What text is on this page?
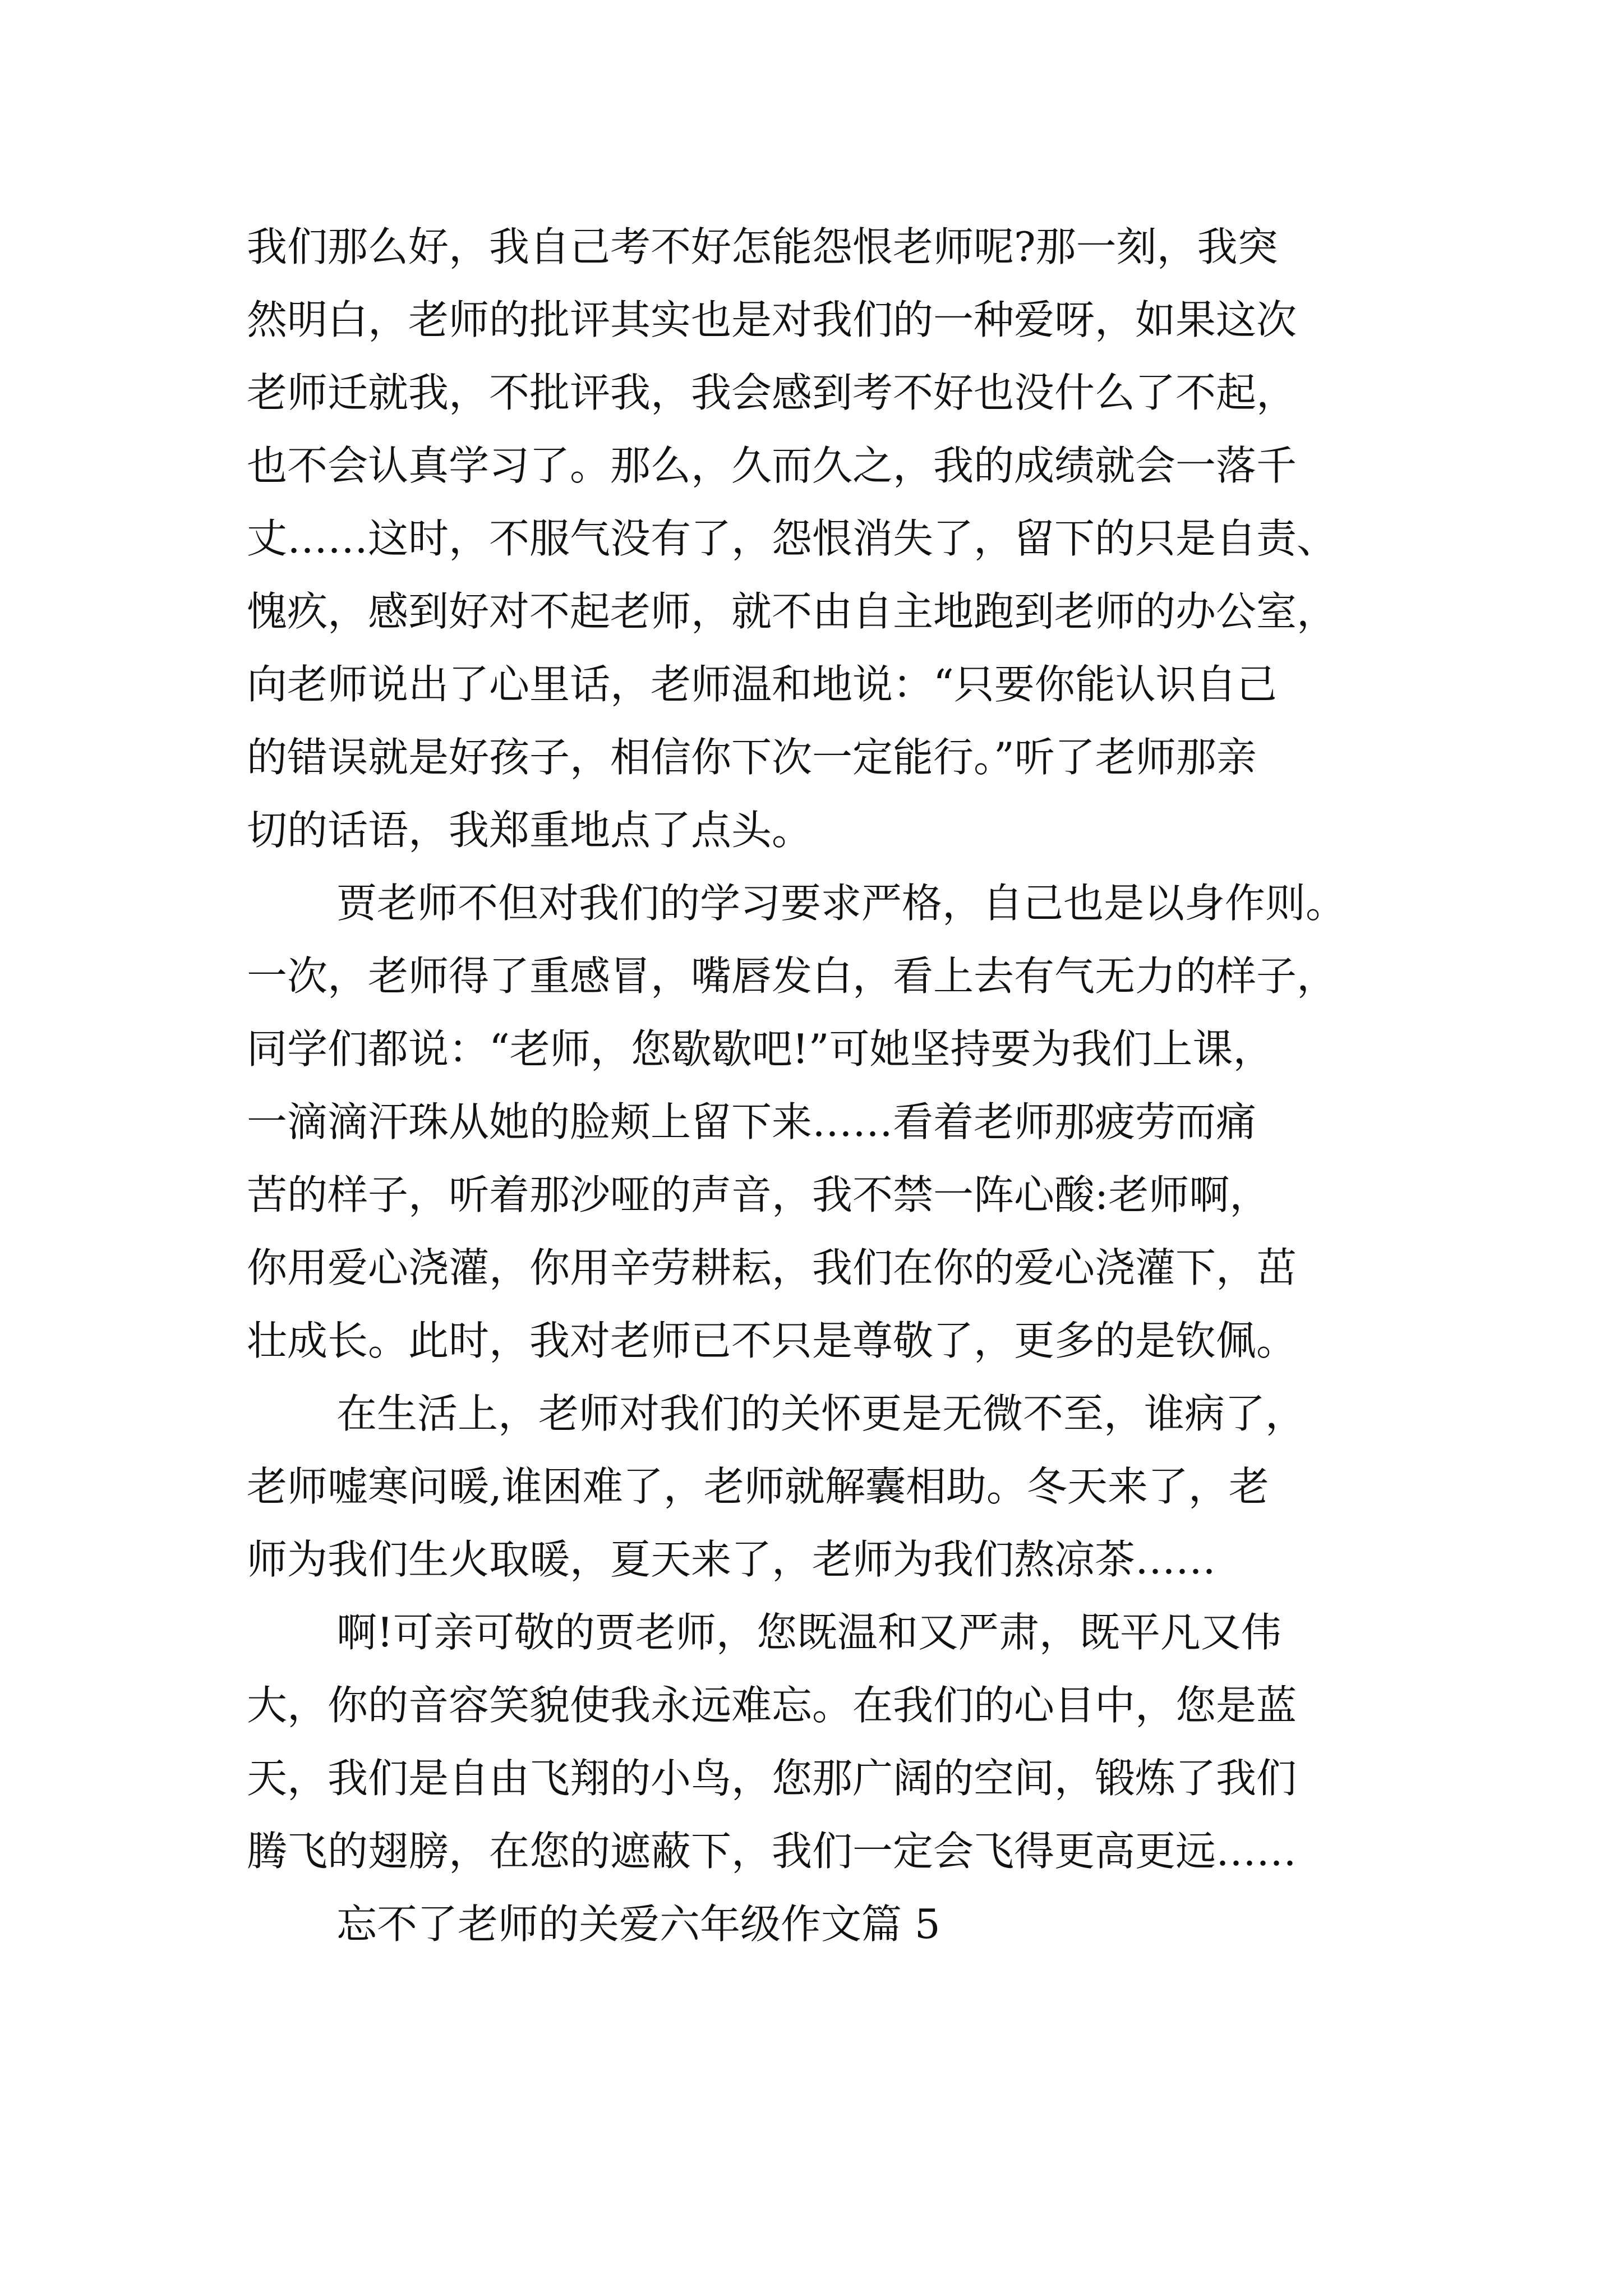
我们那么好，我自己考不好怎能怨恨老师呢?那一刻，我突
然明白，老师的批评其实也是对我们的一种爱呀，如果这次
老师迁就我，不批评我，我会感到考不好也没什么了不起，
也不会认真学习了。那么，久而久之，我的成绩就会一落千
丈……这时，不服气没有了，怨恨消失了，留下的只是自责、
愧疚，感到好对不起老师，就不由自主地跑到老师的办公室，
向老师说出了心里话，老师温和地说：“只要你能认识自己
的错误就是好孩子，相信你下次一定能行。”听了老师那亲
切的话语，我郑重地点了点头。
贾老师不但对我们的学习要求严格，自己也是以身作则。
一次，老师得了重感冒，嘴唇发白，看上去有气无力的样子，
同学们都说：“老师，您歇歇吧!”可她坚持要为我们上课，
一滴滴汗珠从她的脸颊上留下来……看着老师那疲劳而痛
苦的样子，听着那沙哑的声音，我不禁一阵心酸:老师啊，
你用爱心浇灌，你用辛劳耕耘，我们在你的爱心浇灌下，茁
壮成长。此时，我对老师已不只是尊敬了，更多的是钦佩。
在生活上，老师对我们的关怀更是无微不至，谁病了，
老师嘘寒问暖,谁困难了，老师就解囊相助。冬天来了，老
师为我们生火取暖，夏天来了，老师为我们熬凉茶……
啊!可亲可敬的贾老师，您既温和又严肃，既平凡又伟
大，你的音容笑貌使我永远难忘。在我们的心目中，您是蓝
天，我们是自由飞翔的小鸟，您那广阔的空间，锻炼了我们
腾飞的翅膀，在您的遮蔽下，我们一定会飞得更高更远……
忘不了老师的关爱六年级作文篇 5
